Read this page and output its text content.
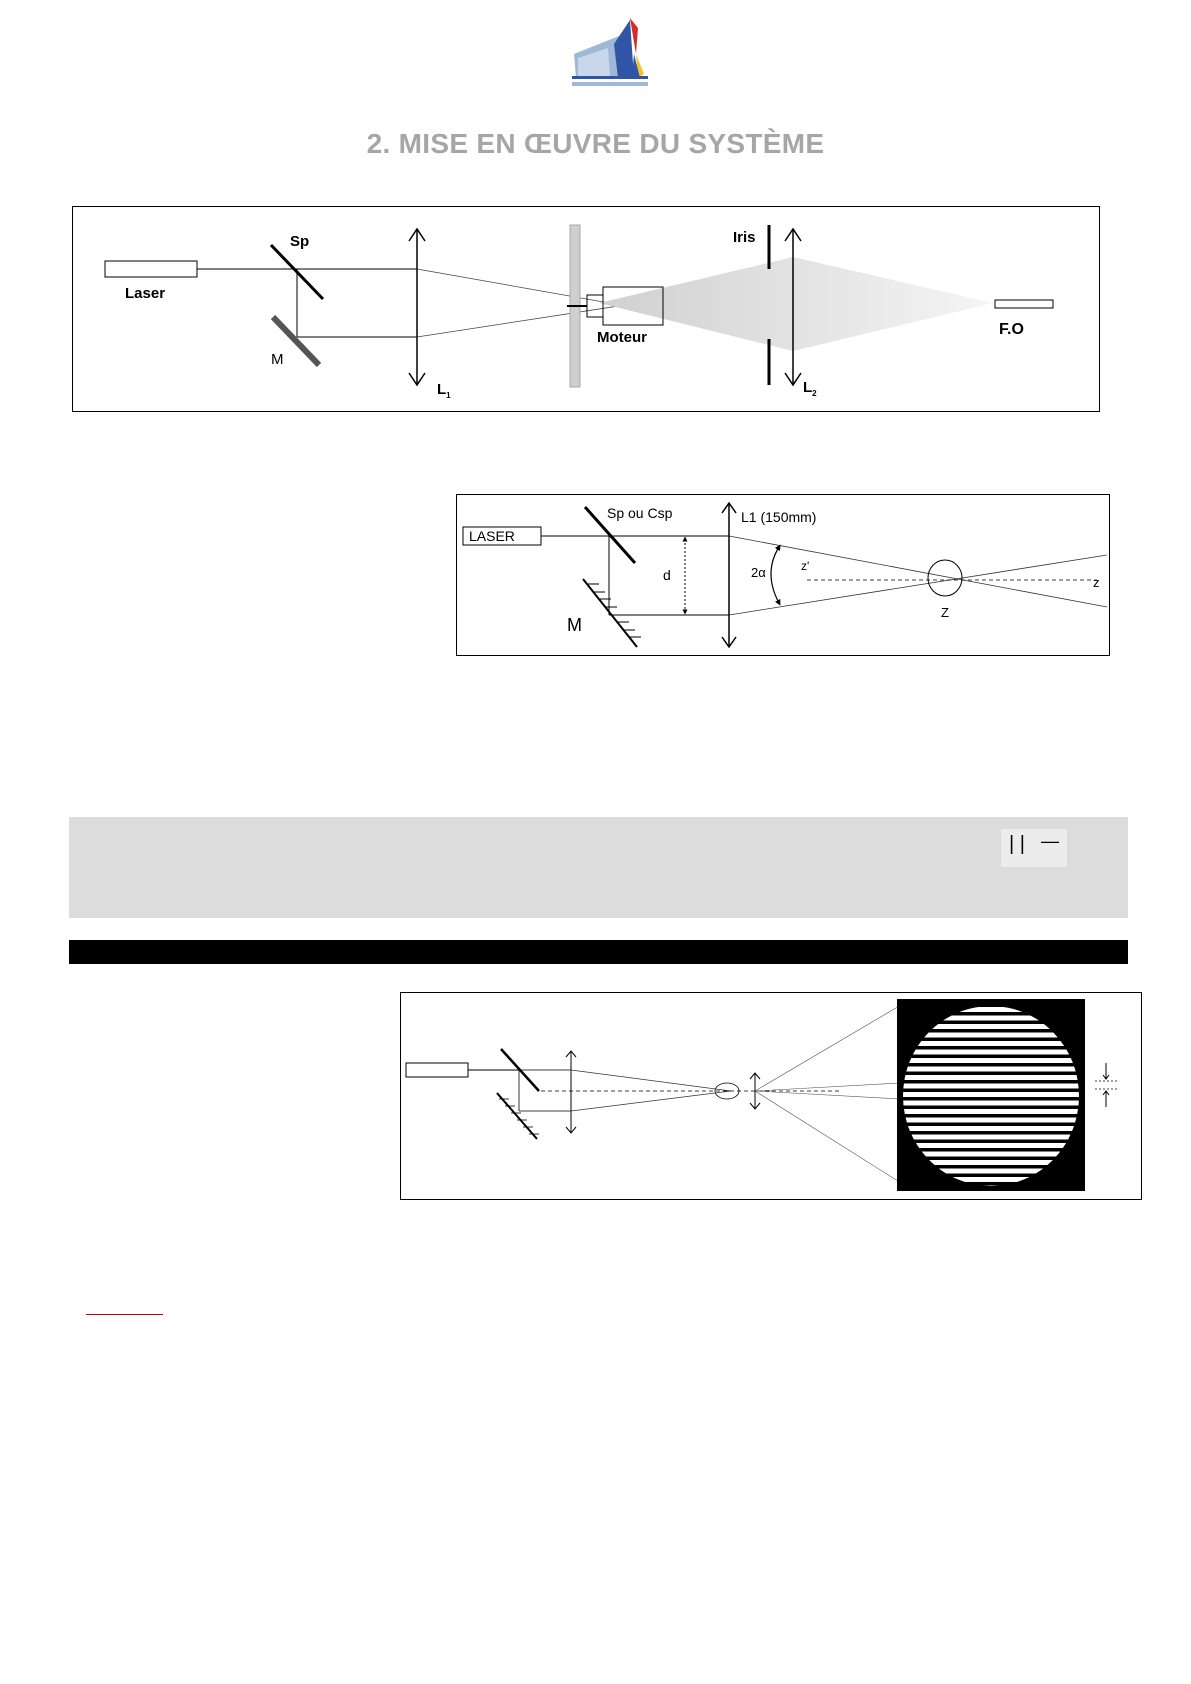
2. MISE EN ŒUVRE DU SYSTÈME
Laser
Sp
M
$L_1$
Moteur
Iris
$L_2$
F.O
LASER
Sp ou Csp	L1 (150mm)
M
d	2α	z'
z
Z
| | —
